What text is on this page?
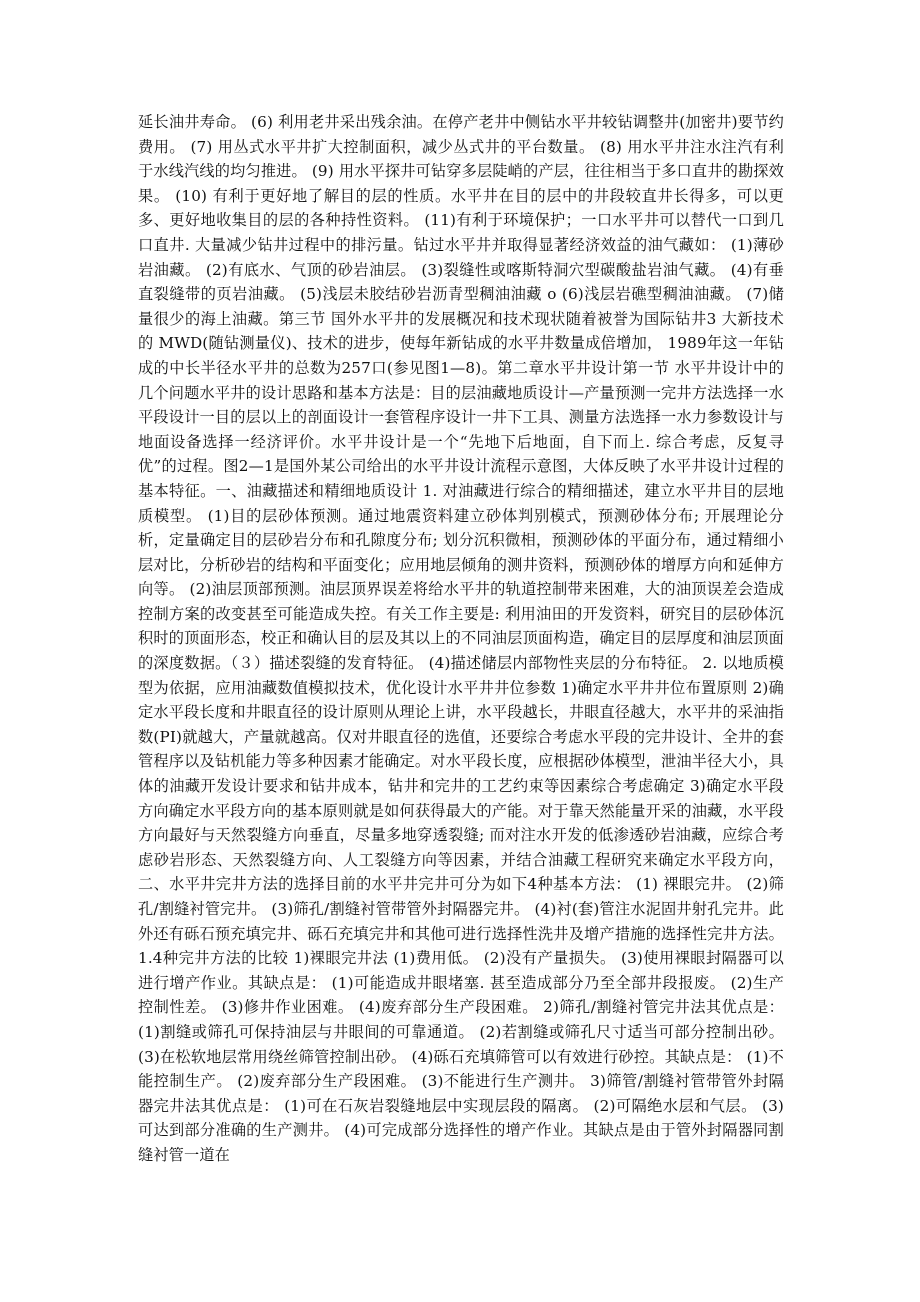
延长油井寿命。 (6) 利用老井采出残余油。在停产老井中侧钻水平井较钻调整井(加密井)要节约费用。 (7) 用丛式水平井扩大控制面积，减少丛式井的平台数量。 (8) 用水平井注水注汽有利于水线汽线的均匀推进。 (9) 用水平探井可钻穿多层陡峭的产层，往往相当于多口直井的勘探效果。 (10) 有利于更好地了解目的层的性质。水平井在目的层中的井段较直井长得多，可以更多、更好地收集目的层的各种持性资料。 (11)有利于环境保护；一口水平井可以替代一口到几口直井. 大量减少钻井过程中的排污量。钻过水平井并取得显著经济效益的油气藏如： (1)薄砂岩油藏。 (2)有底水、气顶的砂岩油层。 (3)裂缝性或喀斯特洞穴型碳酸盐岩油气藏。 (4)有垂直裂缝带的页岩油藏。 (5)浅层未胶结砂岩沥青型稠油油藏 o (6)浅层岩礁型稠油油藏。 (7)储量很少的海上油藏。第三节 国外水平井的发展概况和技术现状随着被誉为国际钻井3 大新技术的 MWD(随钻测量仪)、技术的进步，使每年新钻成的水平井数量成倍增加， 1989年这一年钻成的中长半径水平井的总数为257口(参见图1—8)。第二章水平井设计第一节 水平井设计中的几个问题水平井的设计思路和基本方法是：目的层油藏地质设计—产量预测一完井方法选择一水平段设计一目的层以上的剖面设计一套管程序设计一井下工具、测量方法选择一水力参数设计与地面设备选择一经济评价。水平井设计是一个“先地下后地面，自下而上. 综合考虑，反复寻优”的过程。图2—1是国外某公司给出的水平井设计流程示意图，大体反映了水平井设计过程的基本特征。一、油藏描述和精细地质设计 1. 对油藏进行综合的精细描述，建立水平井目的层地质模型。 (1)目的层砂体预测。通过地震资料建立砂体判别模式，预测砂体分布; 开展理论分析，定量确定目的层砂岩分布和孔隙度分布; 划分沉积微相，预测砂体的平面分布，通过精细小层对比，分析砂岩的结构和平面变化；应用地层倾角的测井资料，预测砂体的增厚方向和延伸方向等。 (2)油层顶部预测。油层顶界误差将给水平井的轨道控制带来困难，大的油顶误差会造成控制方案的改变甚至可能造成失控。有关工作主要是: 利用油田的开发资料，研究目的层砂体沉积时的顶面形态，校正和确认目的层及其以上的不同油层顶面构造，确定目的层厚度和油层顶面的深度数据。（３）描述裂缝的发育特征。 (4)描述储层内部物性夹层的分布特征。 2. 以地质模型为依据，应用油藏数值模拟技术，优化设计水平井井位参数 1)确定水平井井位布置原则 2)确定水平段长度和井眼直径的设计原则从理论上讲，水平段越长，井眼直径越大，水平井的采油指数(PI)就越大，产量就越高。仅对井眼直径的选值，还要综合考虑水平段的完井设计、全井的套管程序以及钻机能力等多种因素才能确定。对水平段长度，应根据砂体模型，泄油半径大小，具体的油藏开发设计要求和钻井成本，钻井和完井的工艺约束等因素综合考虑确定 3)确定水平段方向确定水平段方向的基本原则就是如何获得最大的产能。对于靠天然能量开采的油藏，水平段方向最好与天然裂缝方向垂直，尽量多地穿透裂缝; 而对注水开发的低渗透砂岩油藏，应综合考虑砂岩形态、天然裂缝方向、人工裂缝方向等因素，并结合油藏工程研究来确定水平段方向，二、水平井完井方法的选择目前的水平井完井可分为如下4种基本方法： (1) 裸眼完井。 (2)筛孔/割缝衬管完井。 (3)筛孔/割缝衬管带管外封隔器完井。 (4)衬(套)管注水泥固井射孔完井。此外还有砾石预充填完井、砾石充填完井和其他可进行选择性洗井及增产措施的选择性完井方法。 1.4种完井方法的比较 1)裸眼完井法 (1)费用低。 (2)没有产量损失。 (3)使用裸眼封隔器可以进行增产作业。其缺点是： (1)可能造成井眼堵塞. 甚至造成部分乃至全部井段报废。 (2)生产控制性差。 (3)修井作业困难。 (4)废弃部分生产段困难。 2)筛孔/割缝衬管完井法其优点是： (1)割缝或筛孔可保持油层与井眼间的可靠通道。 (2)若割缝或筛孔尺寸适当可部分控制出砂。 (3)在松软地层常用绕丝筛管控制出砂。 (4)砾石充填筛管可以有效进行砂控。其缺点是： (1)不能控制生产。 (2)废弃部分生产段困难。 (3)不能进行生产测井。 3)筛管/割缝衬管带管外封隔器完井法其优点是： (1)可在石灰岩裂缝地层中实现层段的隔离。 (2)可隔绝水层和气层。 (3)可达到部分准确的生产测井。 (4)可完成部分选择性的增产作业。其缺点是由于管外封隔器同割缝衬管一道在
